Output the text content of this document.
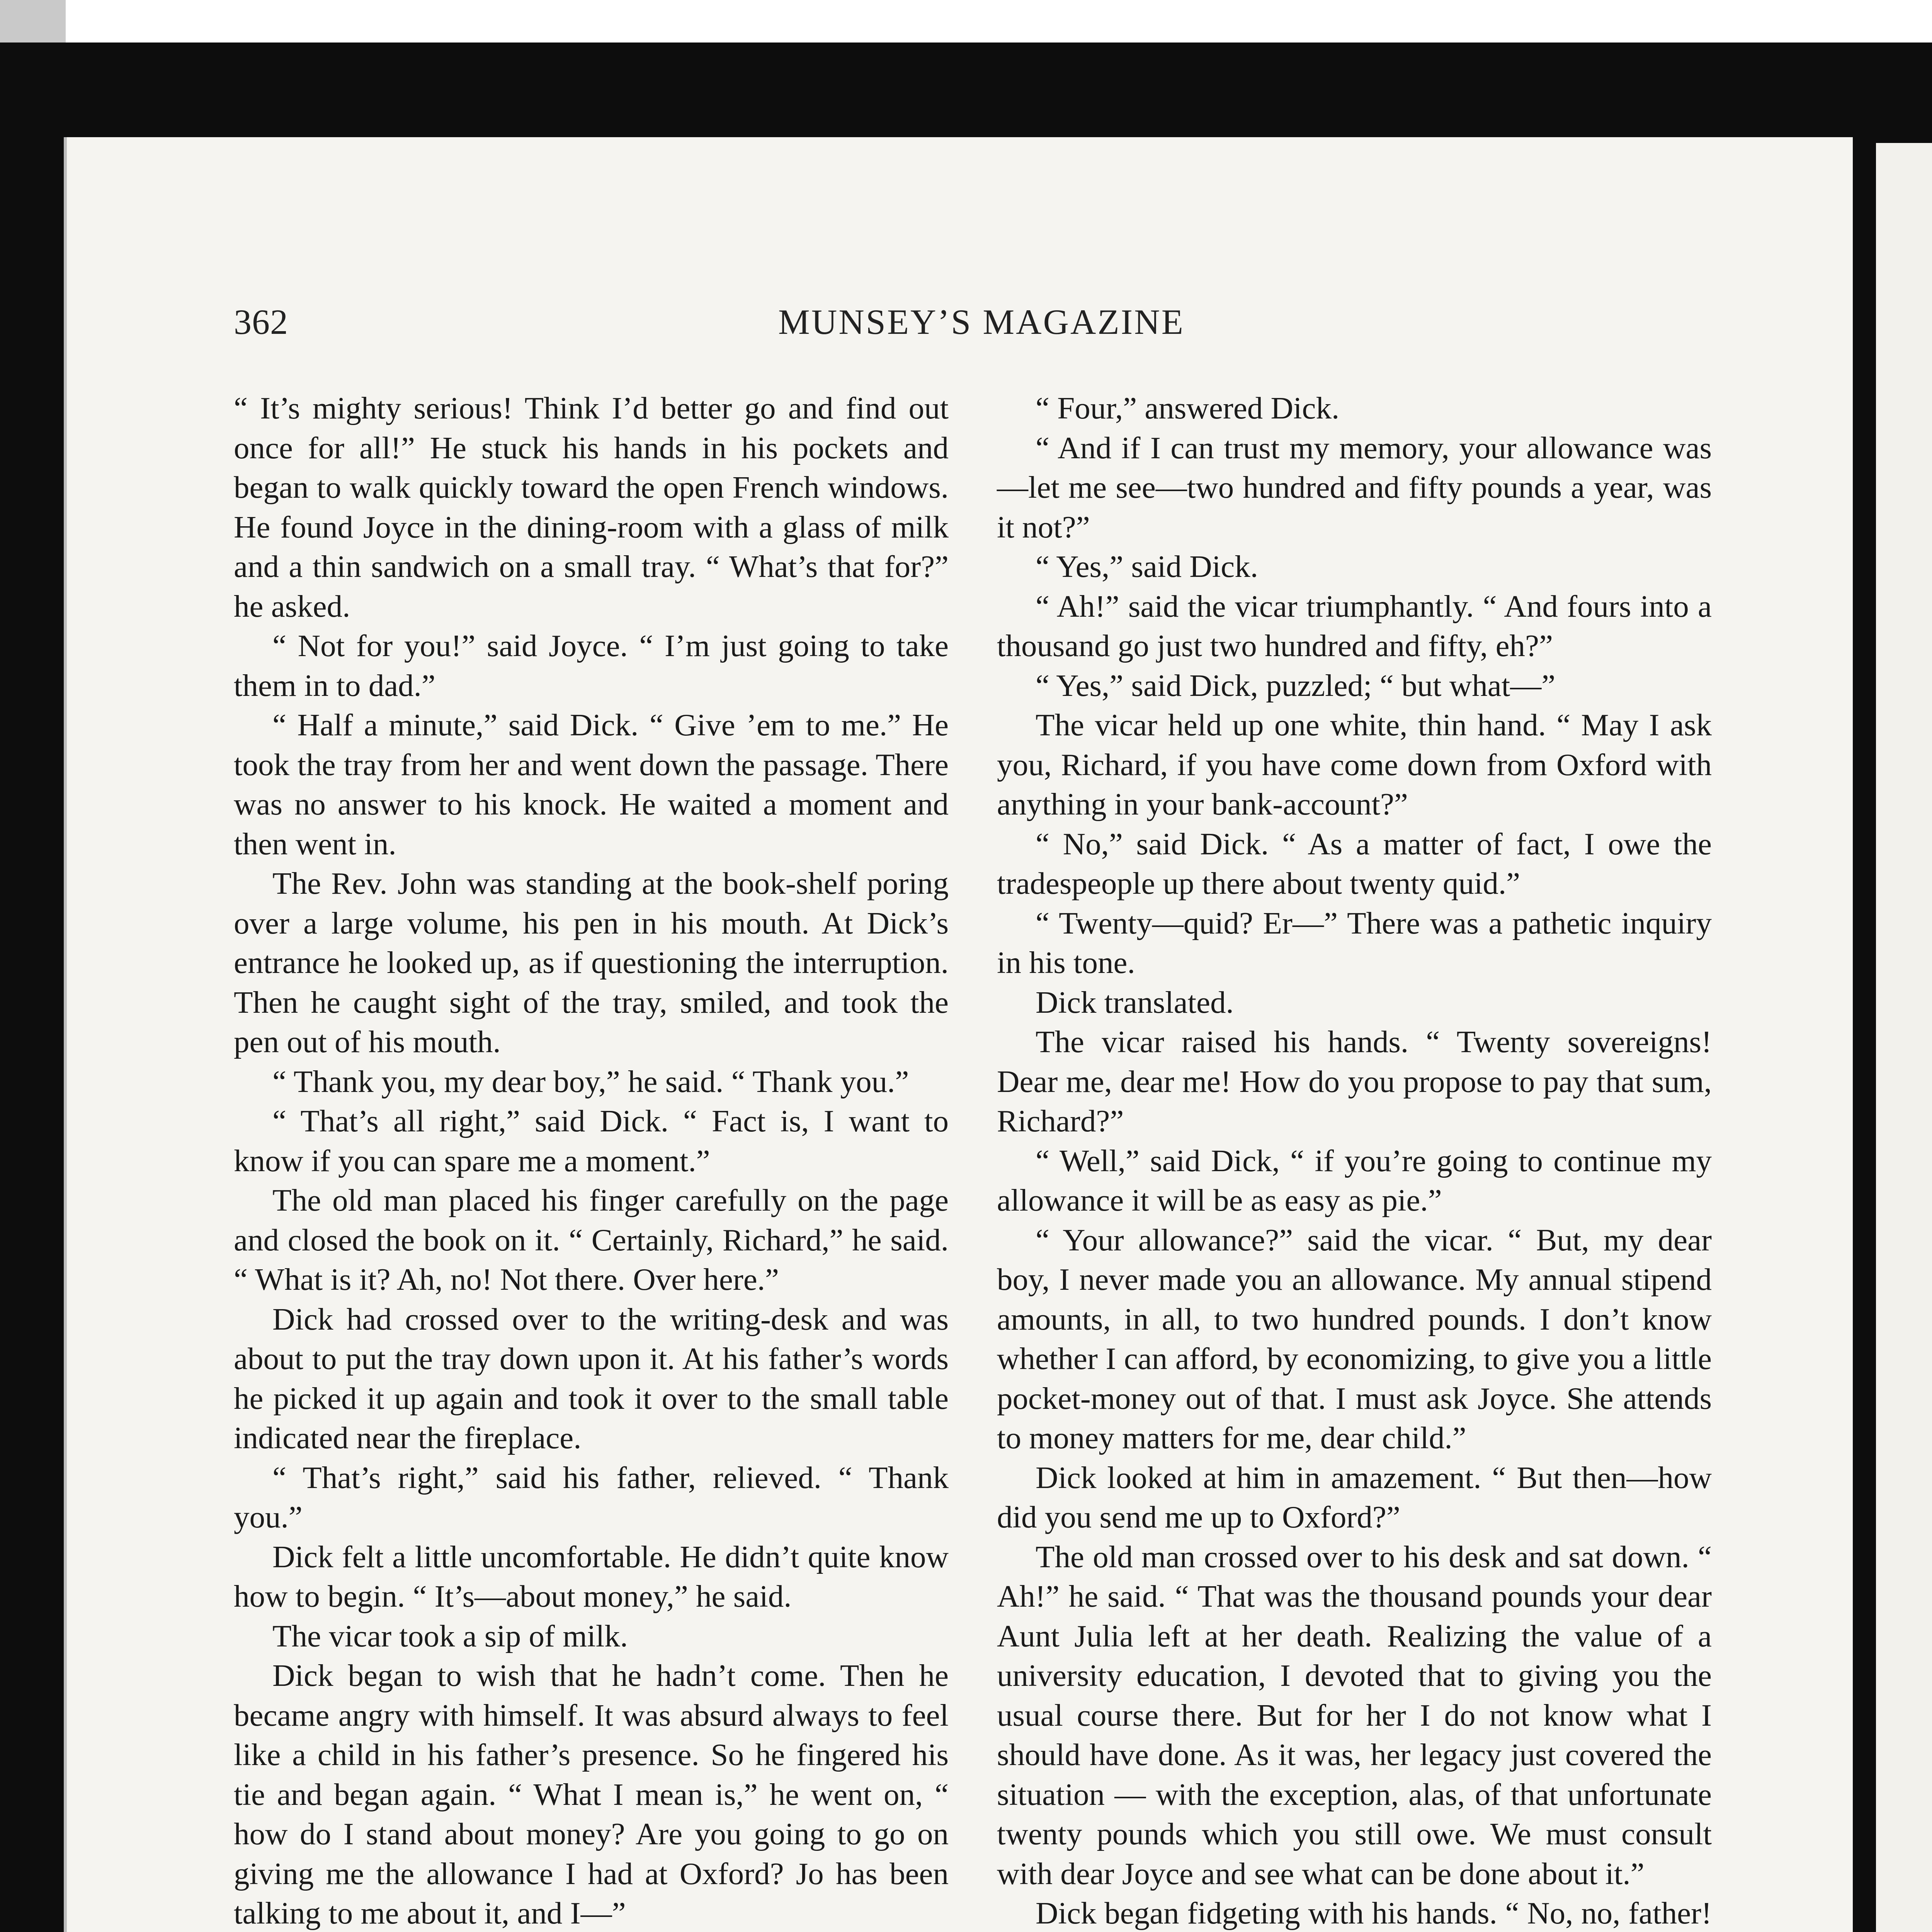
362	MUNSEY’S MAGAZINE

“ It’s mighty serious! Think I’d better go and find out once for all!” He stuck his hands in his pockets and began to walk quickly toward the open French windows. He found Joyce in the dining-room with a glass of milk and a thin sandwich on a small tray. “ What’s that for?” he asked.

“ Not for you!” said Joyce. “ I’m just going to take them in to dad.”

“ Half a minute,” said Dick. “ Give ’em to me.” He took the tray from her and went down the passage. There was no answer to his knock. He waited a moment and then went in.

The Rev. John was standing at the book-shelf poring over a large volume, his pen in his mouth. At Dick’s entrance he looked up, as if questioning the interruption. Then he caught sight of the tray, smiled, and took the pen out of his mouth.

“ Thank you, my dear boy,” he said. “ Thank you.”

“ That’s all right,” said Dick. “ Fact is, I want to know if you can spare me a moment.”

The old man placed his finger carefully on the page and closed the book on it. “ Certainly, Richard,” he said. “ What is it? Ah, no! Not there. Over here.”

Dick had crossed over to the writing-desk and was about to put the tray down upon it. At his father’s words he picked it up again and took it over to the small table indicated near the fireplace.

“ That’s right,” said his father, relieved. “ Thank you.”

Dick felt a little uncomfortable. He didn’t quite know how to begin. “ It’s—about money,” he said.

The vicar took a sip of milk.

Dick began to wish that he hadn’t come. Then he became angry with himself. It was absurd always to feel like a child in his father’s presence. So he fingered his tie and began again. “ What I mean is,” he went on, “ how do I stand about money? Are you going to go on giving me the allowance I had at Oxford? Jo has been talking to me about it, and I—”

“ Four,” answered Dick.

“ And if I can trust my memory, your allowance was—let me see—two hundred and fifty pounds a year, was it not?”

“ Yes,” said Dick.

“ Ah!” said the vicar triumphantly. “ And fours into a thousand go just two hundred and fifty, eh?”

“ Yes,” said Dick, puzzled; “ but what—”

The vicar held up one white, thin hand. “ May I ask you, Richard, if you have come down from Oxford with anything in your bank-account?”

“ No,” said Dick. “ As a matter of fact, I owe the tradespeople up there about twenty quid.”

“ Twenty—quid? Er—” There was a pathetic inquiry in his tone.

Dick translated.

The vicar raised his hands. “ Twenty sovereigns! Dear me, dear me! How do you propose to pay that sum, Richard?”

“ Well,” said Dick, “ if you’re going to continue my allowance it will be as easy as pie.”

“ Your allowance?” said the vicar. “ But, my dear boy, I never made you an allowance. My annual stipend amounts, in all, to two hundred pounds. I don’t know whether I can afford, by economizing, to give you a little pocket-money out of that. I must ask Joyce. She attends to money matters for me, dear child.”

Dick looked at him in amazement. “ But then—how did you send me up to Oxford?”

The old man crossed over to his desk and sat down. “ Ah!” he said. “ That was the thousand pounds your dear Aunt Julia left at her death. Realizing the value of a university education, I devoted that to giving you the usual course there. But for her I do not know what I should have done. As it was, her legacy just covered the situation — with the exception, alas, of that unfortunate twenty pounds which you still owe. We must consult with dear Joyce and see what can be done about it.”

Dick began fidgeting with his hands. “ No, no, father!
